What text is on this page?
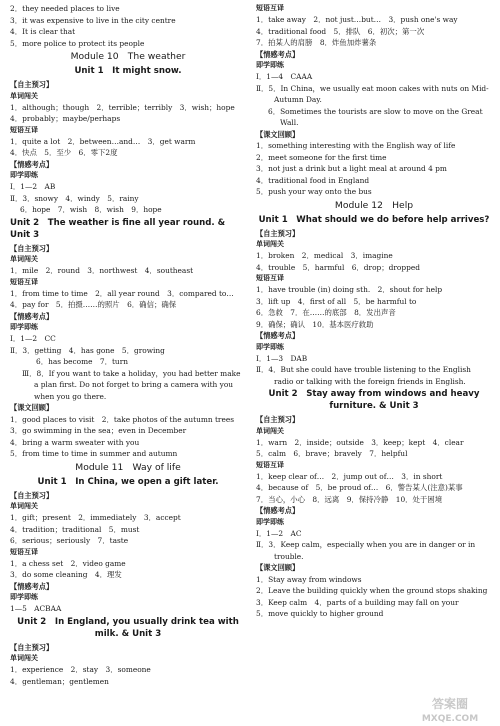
2．they needed places to live

3．it was expensive to live in the city centre

4．It is clear that

5．more police to protect its people

Module 10　The weather
Unit 1　It might snow.

【自主预习】

单词闯关

1．although；though　2．terrible；terribly　3．wish；hope

4．probably；maybe/perhaps

短语互译

1．quite a lot　2．between…and…　3．get warm

4．快点　5．至少　6．零下2度

【情感考点】

即学即练

Ⅰ．1—2　AB

Ⅱ．3．snowy　4．windy　5．rainy

6．hope　7．wish　8．wish　9．hope

Unit 2　The weather is fine all year round. & Unit 3

【自主预习】

单词闯关

1．mile　2．round　3．northwest　4．southeast

短语互译

1．from time to time　2．all year round　3．compared to…

4．pay for　5．拍摄……的照片　6．确信；确保

【情感考点】

即学即练

Ⅰ．1—2　CC

Ⅱ．3．getting　4．has gone　5．growing

6．has become　7．turn

Ⅲ．8．If you want to take a holiday，you had better make a plan first. Do not forget to bring a camera with you when you go there.

【课文回顾】

1．good places to visit　2．take photos of the autumn trees

3．go swimming in the sea；even in December

4．bring a warm sweater with you

5．from time to time in summer and autumn

Module 11　Way of life
Unit 1　In China, we open a gift later.

【自主预习】

单词闯关

1．gift；present　2．immediately　3．accept

4．tradition；traditional　5．must

6．serious；seriously　7．taste

短语互译

1．a chess set　2．video game

3．do some cleaning　4．理发

【情感考点】

即学即练

1—5　ACBAA

Unit 2　In England, you usually drink tea with milk. & Unit 3

【自主预习】

单词闯关

1．experience　2．stay　3．someone

4．gentleman；gentlemen

短语互译

1．take away　2．not just…but…　3．push one's way

4．traditional food　5．排队　6．初次；第一次

7．拍某人的肩膀　8．炸鱼加炸薯条

【情感考点】

即学即练

Ⅰ．1—4　CAAA

Ⅱ．5．In China，we usually eat moon cakes with nuts on Mid-Autumn Day.

6．Sometimes the tourists are slow to move on the Great Wall.

【课文回顾】

1．something interesting with the English way of life

2．meet someone for the first time

3．not just a drink but a light meal at around 4 pm

4．traditional food in England

5．push your way onto the bus

Module 12　Help
Unit 1　What should we do before help arrives?

【自主预习】

单词闯关

1．broken　2．medical　3．imagine

4．trouble　5．harmful　6．drop；dropped

短语互译

1．have trouble (in) doing sth.　2．shout for help

3．lift up　4．first of all　5．be harmful to

6．急救　7．在……的底部　8．发出声音

9．确保；确认　10．基本医疗救助

【情感考点】

即学即练

Ⅰ．1—3　DAB

Ⅱ．4．But she could have trouble listening to the English radio or talking with the foreign friends in English.

Unit 2　Stay away from windows and heavy furniture. & Unit 3

【自主预习】

单词闯关

1．warn　2．inside；outside　3．keep；kept　4．clear

5．calm　6．brave；bravely　7．helpful

短语互译

1．keep clear of…　2．jump out of…　3．in short

4．because of　5．be proud of…　6．警告某人(注意)某事

7．当心，小心　8．远离　9．保持冷静　10．处于困境

【情感考点】

即学即练

Ⅰ．1—2　AC

Ⅱ．3．Keep calm，especially when you are in danger or in trouble.

【课文回顾】

1．Stay away from windows

2．Leave the building quickly when the ground stops shaking

3．Keep calm　4．parts of a building may fall on your

5．move quickly to higher ground

答案圈
MXQE.COM
